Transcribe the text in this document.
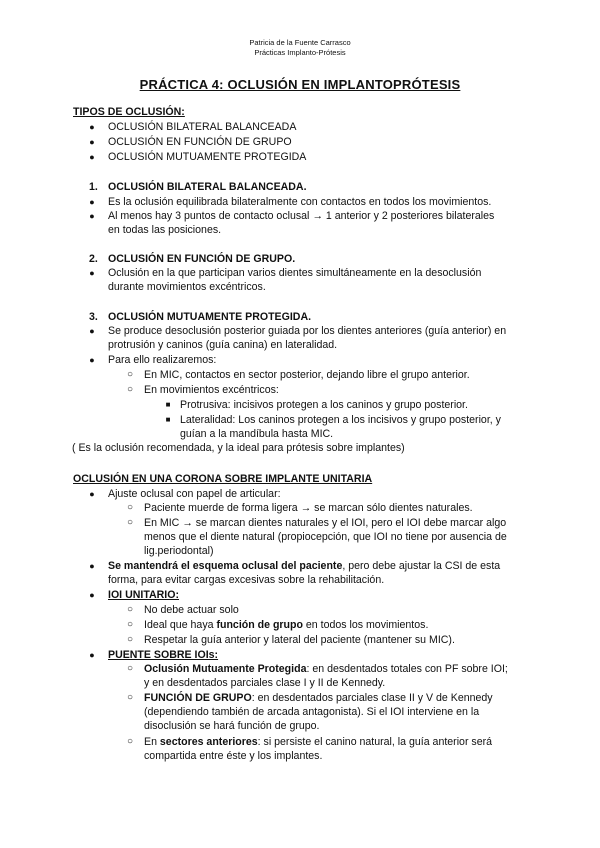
Patricia de la Fuente Carrasco
Prácticas Implanto-Prótesis
PRÁCTICA 4: OCLUSIÓN EN IMPLANTOPRÓTESIS
TIPOS DE OCLUSIÓN:
●	OCLUSIÓN BILATERAL BALANCEADA
●	OCLUSIÓN EN FUNCIÓN DE GRUPO
●	OCLUSIÓN MUTUAMENTE PROTEGIDA
1. OCLUSIÓN BILATERAL BALANCEADA.
●	Es la oclusión equilibrada bilateralmente con contactos en todos los movimientos.
●	Al menos hay 3 puntos de contacto oclusal → 1 anterior y 2 posteriores bilaterales
en todas las posiciones.
2. OCLUSIÓN EN FUNCIÓN DE GRUPO.
●	Oclusión en la que participan varios dientes simultáneamente en la desoclusión
durante movimientos excéntricos.
3. OCLUSIÓN MUTUAMENTE PROTEGIDA.
●	Se produce desoclusión posterior guiada por los dientes anteriores (guía anterior) en
protrusión y caninos (guía canina) en lateralidad.
●	Para ello realizaremos:
○ En MIC, contactos en sector posterior, dejando libre el grupo anterior.
○ En movimientos excéntricos:
■ Protrusiva: incisivos protegen a los caninos y grupo posterior.
■ Lateralidad: Los caninos protegen a los incisivos y grupo posterior, y
guían a la mandíbula hasta MIC.
( Es la oclusión recomendada, y la ideal para prótesis sobre implantes)
OCLUSIÓN EN UNA CORONA SOBRE IMPLANTE UNITARIA
●	Ajuste oclusal con papel de articular:
○ Paciente muerde de forma ligera → se marcan sólo dientes naturales.
○ En MIC → se marcan dientes naturales y el IOI, pero el IOI debe marcar algo
menos que el diente natural (propiocepción, que IOI no tiene por ausencia de
lig.periodontal)
●	Se mantendrá el esquema oclusal del paciente, pero debe ajustar la CSI de esta
forma, para evitar cargas excesivas sobre la rehabilitación.
●	IOI UNITARIO:
○ No debe actuar solo
○ Ideal que haya función de grupo en todos los movimientos.
○ Respetar la guía anterior y lateral del paciente (mantener su MIC).
●	PUENTE SOBRE IOIs:
○ Oclusión Mutuamente Protegida: en desdentados totales con PF sobre IOI;
y en desdentados parciales clase I y II de Kennedy.
○ FUNCIÓN DE GRUPO: en desdentados parciales clase II y V de Kennedy
(dependiendo también de arcada antagonista). Si el IOI interviene en la
disoclusión se hará función de grupo.
○ En sectores anteriores: si persiste el canino natural, la guía anterior será
compartida entre éste y los implantes.
